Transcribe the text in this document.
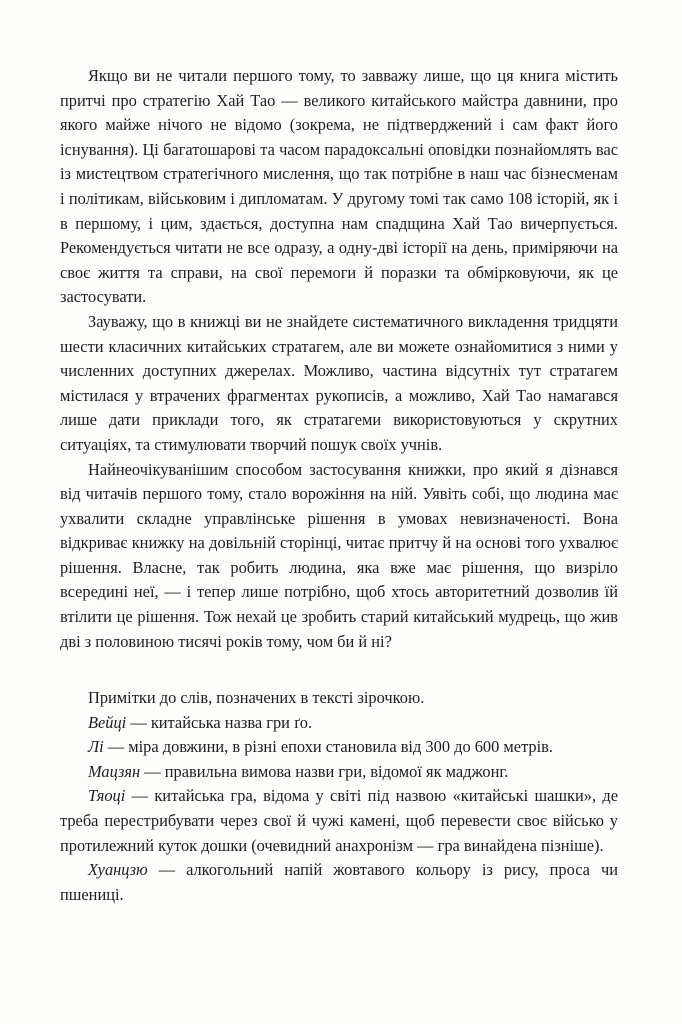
Якщо ви не читали першого тому, то завважу лише, що ця книга містить притчі про стратегію Хай Тао — великого китайського майстра давнини, про якого майже нічого не відомо (зокрема, не підтверджений і сам факт його існування). Ці багатошарові та часом парадоксальні оповідки познайомлять вас із мистецтвом стратегічного мислення, що так потрібне в наш час бізнесменам і політикам, військовим і дипломатам. У другому томі так само 108 історій, як і в першому, і цим, здається, доступна нам спадщина Хай Тао вичерпується. Рекомендується читати не все одразу, а одну-дві історії на день, приміряючи на своє життя та справи, на свої перемоги й поразки та обмірковуючи, як це застосувати.

Зауважу, що в книжці ви не знайдете систематичного викладення тридцяти шести класичних китайських стратагем, але ви можете ознайомитися з ними у численних доступних джерелах. Можливо, частина відсутніх тут стратагем містилася у втрачених фрагментах рукописів, а можливо, Хай Тао намагався лише дати приклади того, як стратагеми використовуються у скрутних ситуаціях, та стимулювати творчий пошук своїх учнів.

Найнеочікуванішим способом застосування книжки, про який я дізнався від читачів першого тому, стало ворожіння на ній. Уявіть собі, що людина має ухвалити складне управлінське рішення в умовах невизначеності. Вона відкриває книжку на довільній сторінці, читає притчу й на основі того ухвалює рішення. Власне, так робить людина, яка вже має рішення, що визріло всередині неї, — і тепер лише потрібно, щоб хтось авторитетний дозволив їй втілити це рішення. Тож нехай це зробить старий китайський мудрець, що жив дві з половиною тисячі років тому, чом би й ні?

Примітки до слів, позначених в тексті зірочкою.

Вейці — китайська назва гри ґо.

Лі — міра довжини, в різні епохи становила від 300 до 600 метрів.

Мацзян — правильна вимова назви гри, відомої як маджонг.

Тяоці — китайська гра, відома у світі під назвою «китайські шашки», де треба перестрибувати через свої й чужі камені, щоб перевести своє військо у протилежний куток дошки (очевидний анахронізм — гра винайдена пізніше).

Хуанцзю — алкогольний напій жовтавого кольору із рису, проса чи пшениці.
